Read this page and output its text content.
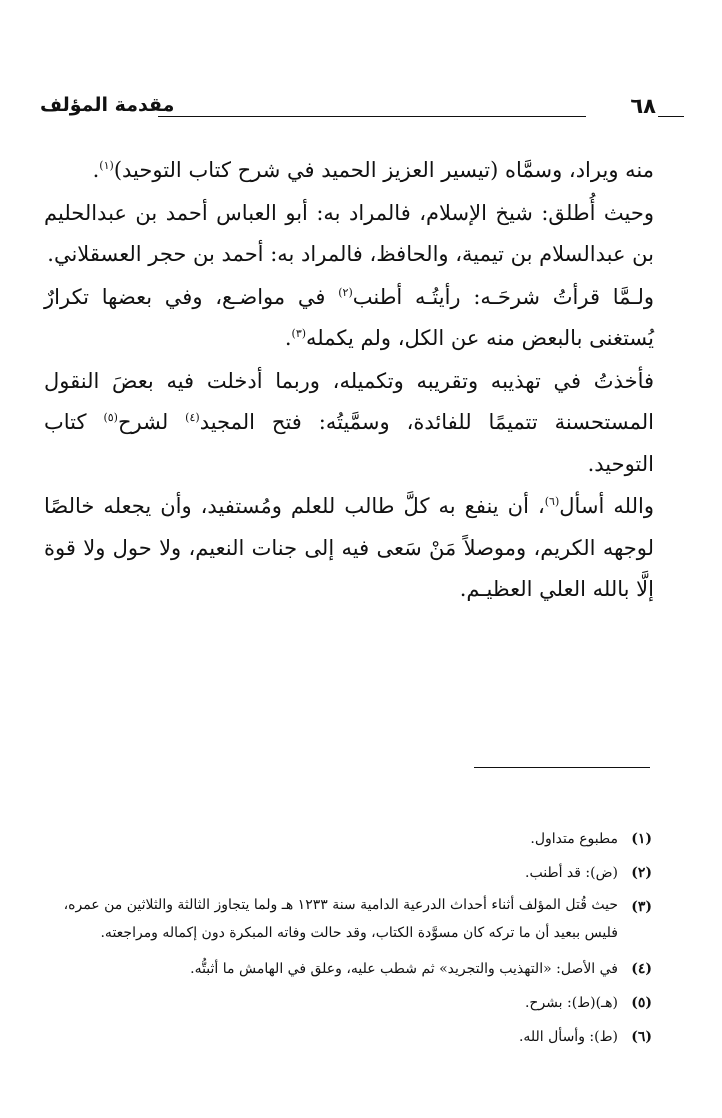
٦٨
مقدمة المؤلف

منه ويراد، وسمَّاه (تيسير العزيز الحميد في شرح كتاب التوحيد)$^{(١)}$.

وحيث أُطلق: شيخ الإسلام، فالمراد به: أبو العباس أحمد بن عبدالحليم بن عبدالسلام بن تيمية، والحافظ، فالمراد به: أحمد بن حجر العسقلاني.

ولـمَّا قرأتُ شرحَـه: رأيتُـه أطنب$^{(٢)}$ في مواضـع، وفي بعضها تكرارٌ يُستغنى بالبعض منه عن الكل، ولم يكمله$^{(٣)}$.

فأخذتُ في تهذيبه وتقريبه وتكميله، وربما أدخلت فيه بعضَ النقول المستحسنة تتميمًا للفائدة، وسمَّيتُه: فتح المجيد$^{(٤)}$ لشرح$^{(٥)}$ كتاب التوحيد.

والله أسأل$^{(٦)}$، أن ينفع به كلَّ طالب للعلم ومُستفيد، وأن يجعله خالصًا لوجهه الكريم، وموصلاً مَنْ سَعى فيه إلى جنات النعيم، ولا حول ولا قوة إلَّا بالله العلي العظيـم.

(١)
مطبوع متداول.
(٢)
(ض): قد أطنب.
(٣)
حيث قُتل المؤلف أثناء أحداث الدرعية الدامية سنة ١٢٣٣ هـ ولما يتجاوز الثالثة والثلاثين من عمره،
فليس ببعيد أن ما تركه كان مسوَّدة الكتاب، وقد حالت وفاته المبكرة دون إكماله ومراجعته.
(٤)
في الأصل: «التهذيب والتجريد» ثم شطب عليه، وعلق في الهامش ما أثبتُّه.
(٥)
(هـ)(ط): بشرح.
(٦)
(ط): وأسأل الله.
